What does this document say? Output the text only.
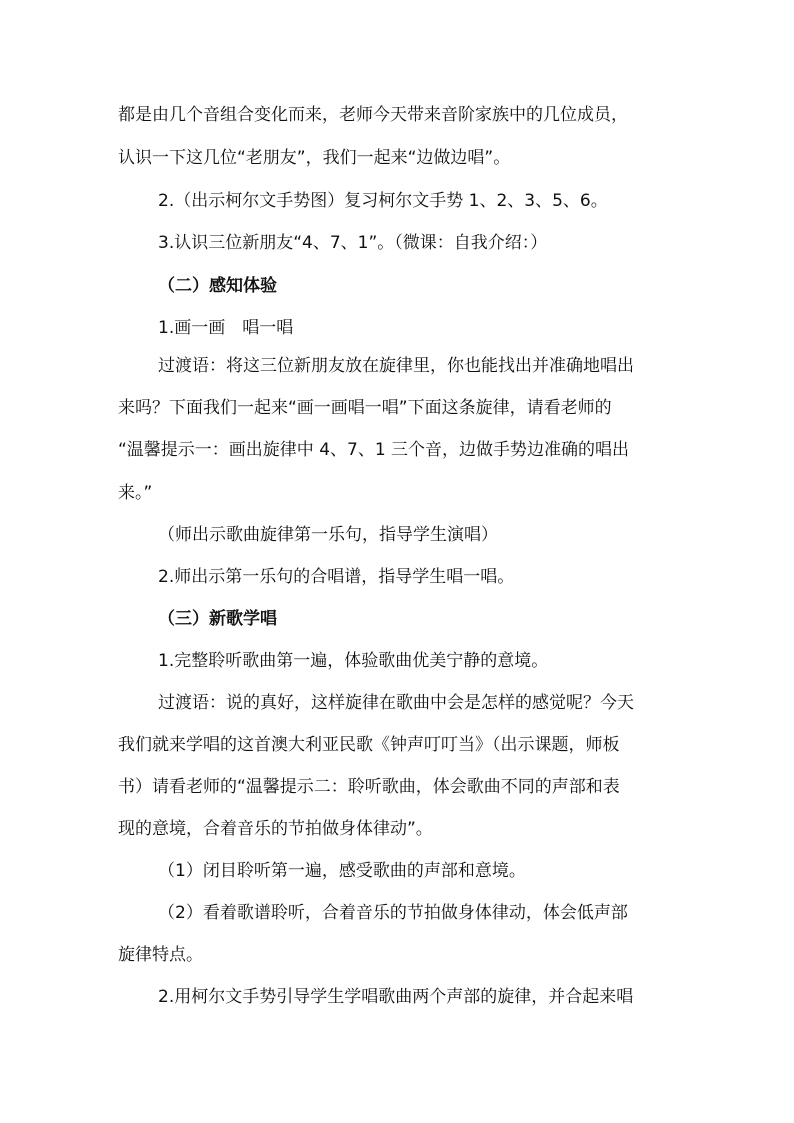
都是由几个音组合变化而来，老师今天带来音阶家族中的几位成员，
认识一下这几位“老朋友”，我们一起来“边做边唱”。
2.（出示柯尔文手势图）复习柯尔文手势 1、2、3、5、6。
3.认识三位新朋友“4、7、1”。（微课：自我介绍：）
（二）感知体验
1.画一画　唱一唱
过渡语：将这三位新朋友放在旋律里，你也能找出并准确地唱出
来吗？下面我们一起来“画一画唱一唱”下面这条旋律，请看老师的
“温馨提示一：画出旋律中 4、7、1 三个音，边做手势边准确的唱出
来。”
（师出示歌曲旋律第一乐句，指导学生演唱）
2.师出示第一乐句的合唱谱，指导学生唱一唱。
（三）新歌学唱
1.完整聆听歌曲第一遍，体验歌曲优美宁静的意境。
过渡语：说的真好，这样旋律在歌曲中会是怎样的感觉呢？今天
我们就来学唱的这首澳大利亚民歌《钟声叮叮当》（出示课题，师板
书）请看老师的“温馨提示二：聆听歌曲，体会歌曲不同的声部和表
现的意境，合着音乐的节拍做身体律动”。
（1）闭目聆听第一遍，感受歌曲的声部和意境。
（2）看着歌谱聆听，合着音乐的节拍做身体律动，体会低声部
旋律特点。
2.用柯尔文手势引导学生学唱歌曲两个声部的旋律，并合起来唱
